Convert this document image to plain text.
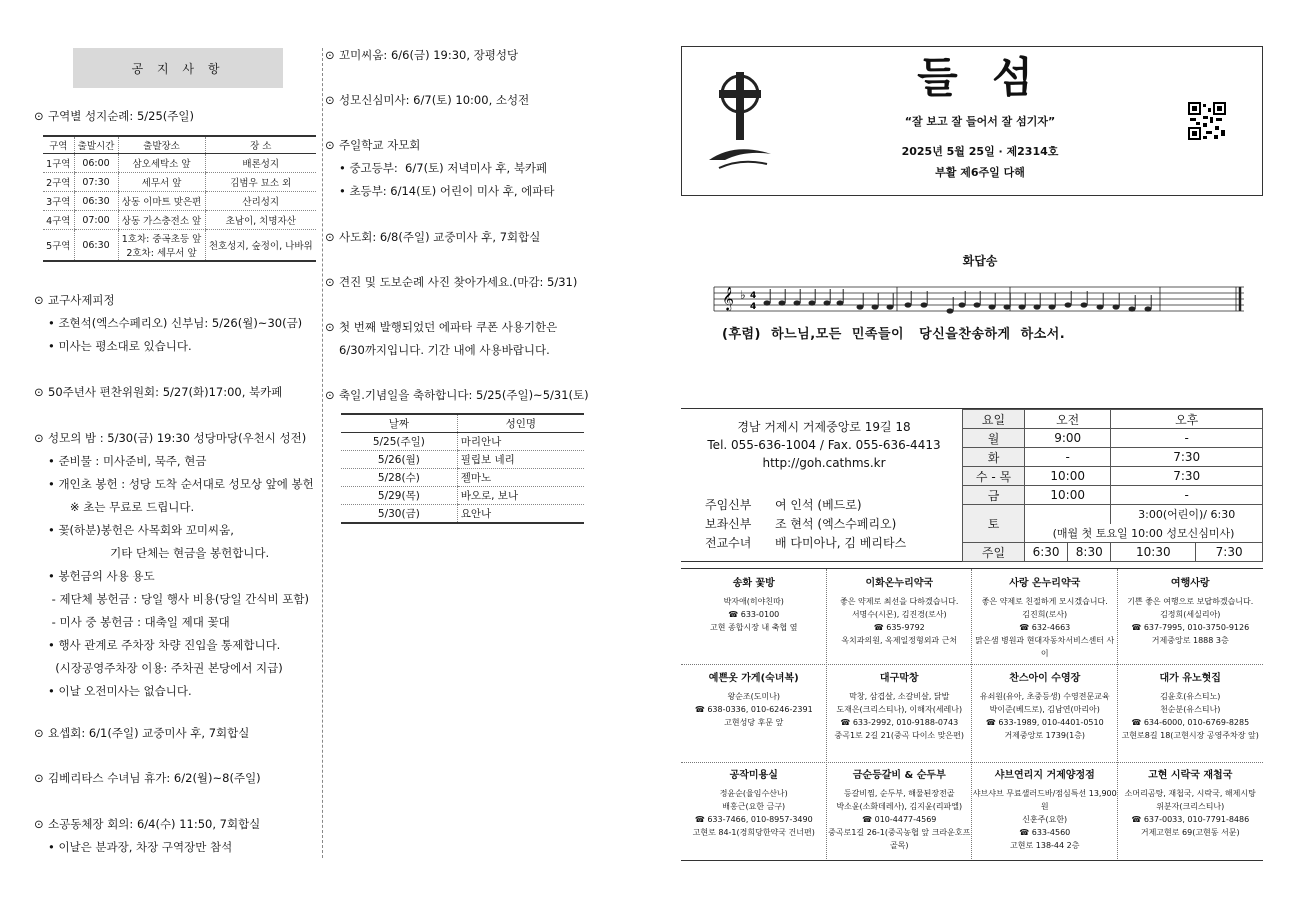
공 지 사 항
⊙ 구역별 성지순례: 5/25(주일)
구역	출발시간	출발장소	장 소
1구역	06:00	삼오세탁소 앞	배론성지
2구역	07:30	세무서 앞	김범우 묘소 외
3구역	06:30	상동 이마트 맞은편	산리성지
4구역	07:00	상동 가스충전소 앞	초남이, 치명자산
5구역	06:30	1호차: 중곡초등 앞
2호차: 세무서 앞	천호성지, 숲정이, 나바위
⊙ 교구사제피정
• 조현석(엑스수페리오) 신부님: 5/26(월)~30(금)
• 미사는 평소대로 있습니다.
⊙ 50주년사 편찬위원회: 5/27(화)17:00, 북카페
⊙ 성모의 밤 : 5/30(금) 19:30 성당마당(우천시 성전)
• 준비물 : 미사준비, 묵주, 현금
• 개인초 봉헌 : 성당 도착 순서대로 성모상 앞에 봉헌
※ 초는 무료로 드립니다.
• 꽃(하분)봉헌은 사목회와 꼬미씨움,
기타 단체는 현금을 봉헌합니다.
• 봉헌금의 사용 용도
- 제단체 봉헌금 : 당일 행사 비용(당일 간식비 포함)
- 미사 중 봉헌금 : 대축일 제대 꽃대
• 행사 관계로 주차장 차량 진입을 통제합니다.
(시장공영주차장 이용: 주차권 본당에서 지급)
• 이날 오전미사는 없습니다.
⊙ 요셉회: 6/1(주일) 교중미사 후, 7회합실
⊙ 김베리타스 수녀님 휴가: 6/2(월)~8(주일)
⊙ 소공동체장 회의: 6/4(수) 11:50, 7회합실
• 이날은 분과장, 차장 구역장만 참석
⊙ 꼬미씨움: 6/6(금) 19:30, 장평성당
⊙ 성모신심미사: 6/7(토) 10:00, 소성전
⊙ 주일학교 자모회
• 중고등부:  6/7(토) 저녁미사 후, 북카페
• 초등부: 6/14(토) 어린이 미사 후, 에파타
⊙ 사도회: 6/8(주일) 교중미사 후, 7회합실
⊙ 견진 및 도보순례 사진 찾아가세요.(마감: 5/31)
⊙ 첫 번째 발행되었던 에파타 쿠폰 사용기한은
6/30까지입니다. 기간 내에 사용바랍니다.
⊙ 축일.기념일을 축하합니다: 5/25(주일)~5/31(토)
날짜	성인명
5/25(주일)	마리안나
5/26(월)	필립보 네리
5/28(수)	젤마노
5/29(목)	바오로, 보나
5/30(금)	요안나
들 섬
“잘 보고 잘 들어서 잘 섬기자”
2025년 5월 25일 · 제2314호
부활 제6주일 다해
화답송
𝄞 ♭ 4
4
(후렴) 하느님,모든  민족들이   당신을찬송하게  하소서.
경남 거제시 거제중앙로 19길 18
Tel. 055-636-1004 / Fax. 055-636-4413
http://goh.cathms.kr
주임신부 여 인석 (베드로)
보좌신부 조 현석 (엑스수페리오)
전교수녀 배 다미아나, 김 베리타스
요일	오전		오후	
월	9:00		-	
화	-		7:30	
수 - 목	10:00		7:30	
금	10:00		-	
토			3:00(어린이)/ 6:30	
	(매월 첫 토요일 10:00 성모신심미사)			
주일	6:30	8:30	10:30	7:30
송화 꽃방
박자애(히야친따)
☎ 633-0100
고현 종합시장 내 축협 옆
이화온누리약국
좋은 약제로 최선을 다하겠습니다.
서명수(시몬), 김진경(로사)
☎ 635-9792
옥치과의원, 옥제일정형외과 근처
사랑 온누리약국
좋은 약제로 친절하게 모시겠습니다.
김진희(로사)
☎ 632-4663
맑은샘 병원과 현대자동차서비스센터 사이
여행사랑
기쁜 좋은 여행으로 보답하겠습니다.
김정희(세실리아)
☎ 637-7995, 010-3750-9126
거제중앙로 1888 3층
예쁜옷 가게(숙녀복)
왕순조(도미나)
☎ 638-0336, 010-6246-2391
고현성당 후문 앞
대구막창
막창, 삼겹살, 소갈비살, 닭발
도재은(크리스티나), 이해자(세레나)
☎ 633-2992, 010-9188-0743
중곡1로 2길 21(중곡 다이소 맞은편)
찬스아이 수영장
유쇠원(유아, 초중등생) 수영전문교육
박이준(베드로), 김남연(마리아)
☎ 633-1989, 010-4401-0510
거제중앙로 1739(1층)
대가 유노혓집
김윤호(유스티노)
천순분(유스티나)
☎ 634-6000, 010-6769-8285
고현로8길 18(고현시장 공영주차장 앞)
공작미용실
정윤순(율임수산나)
배홍근(요한 금구)
☎ 633-7466, 010-8957-3490
고현로 84-1(경희당한약국 건너편)
금순등갈비 & 순두부
등갈비찜, 순두부, 해물된장전골
박소윤(소화데레사), 김지윤(리파엘)
☎ 010-4477-4569
중곡로1길 26-1(중곡농협 앞 크라운호프 골목)
샤브연리지 거제양정점
샤브샤브 무료샐러드바/점심특선 13,900원
신훈주(요한)
☎ 633-4560
고현로 138-44 2층
고현 시락국 재첩국
소머리곰탕, 재첩국, 시락국, 해제시탕
위분자(크리스티나)
☎ 637-0033, 010-7791-8486
거제고현로 69(고현동 서문)
